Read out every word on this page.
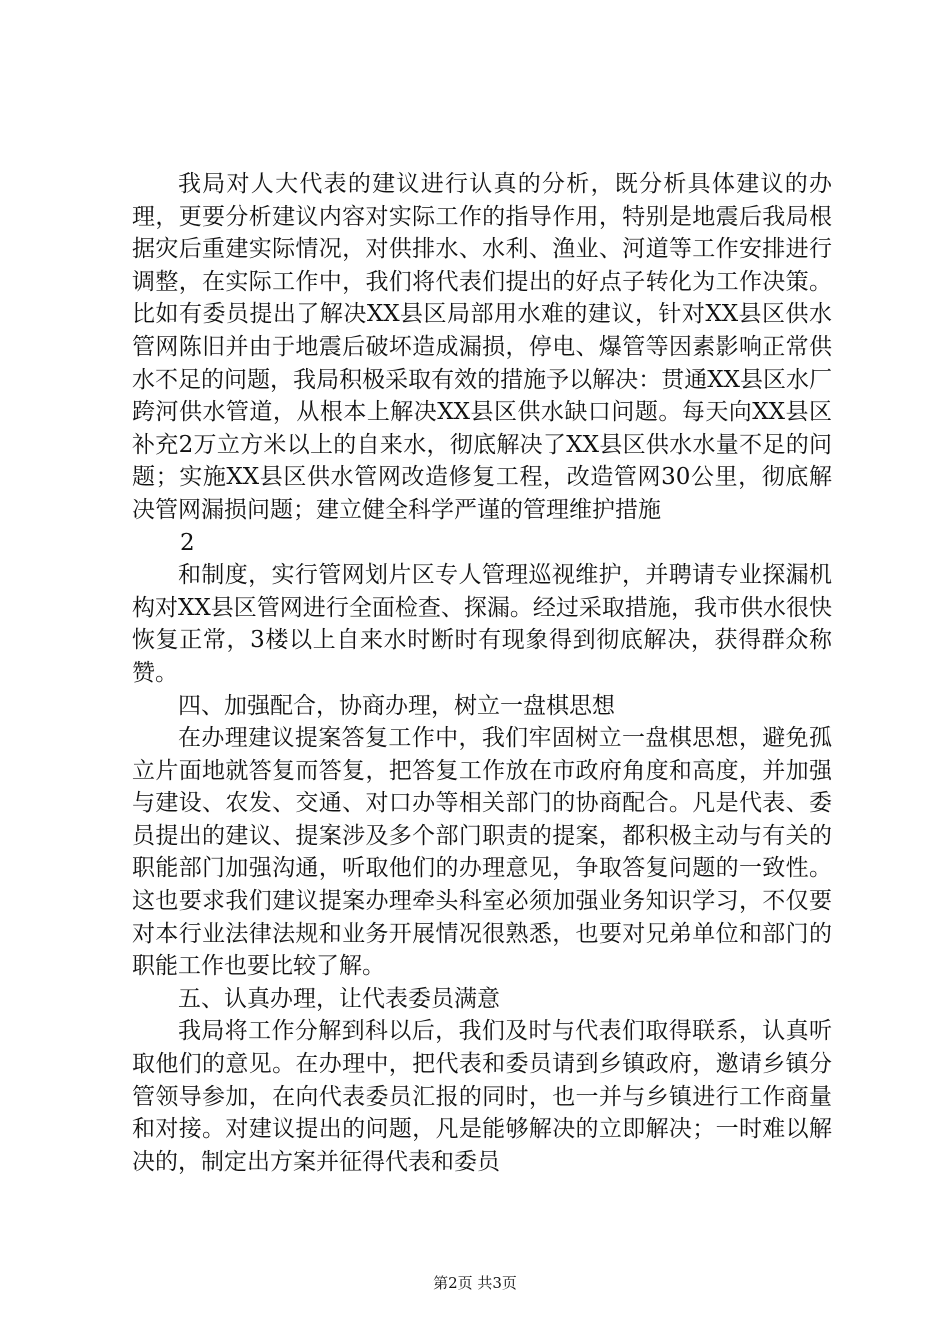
我局对人大代表的建议进行认真的分析，既分析具体建议的办理，更要分析建议内容对实际工作的指导作用，特别是地震后我局根据灾后重建实际情况，对供排水、水利、渔业、河道等工作安排进行调整，在实际工作中，我们将代表们提出的好点子转化为工作决策。比如有委员提出了解决XX县区局部用水难的建议，针对XX县区供水管网陈旧并由于地震后破坏造成漏损，停电、爆管等因素影响正常供水不足的问题，我局积极采取有效的措施予以解决：贯通XX县区水厂跨河供水管道，从根本上解决XX县区供水缺口问题。每天向XX县区补充2万立方米以上的自来水，彻底解决了XX县区供水水量不足的问题；实施XX县区供水管网改造修复工程，改造管网30公里，彻底解决管网漏损问题；建立健全科学严谨的管理维护措施

2

和制度，实行管网划片区专人管理巡视维护，并聘请专业探漏机构对XX县区管网进行全面检查、探漏。经过采取措施，我市供水很快恢复正常，3楼以上自来水时断时有现象得到彻底解决，获得群众称赞。

四、加强配合，协商办理，树立一盘棋思想

在办理建议提案答复工作中，我们牢固树立一盘棋思想，避免孤立片面地就答复而答复，把答复工作放在市政府角度和高度，并加强与建设、农发、交通、对口办等相关部门的协商配合。凡是代表、委员提出的建议、提案涉及多个部门职责的提案，都积极主动与有关的职能部门加强沟通，听取他们的办理意见，争取答复问题的一致性。这也要求我们建议提案办理牵头科室必须加强业务知识学习，不仅要对本行业法律法规和业务开展情况很熟悉，也要对兄弟单位和部门的职能工作也要比较了解。

五、认真办理，让代表委员满意

我局将工作分解到科以后，我们及时与代表们取得联系，认真听取他们的意见。在办理中，把代表和委员请到乡镇政府，邀请乡镇分管领导参加，在向代表委员汇报的同时，也一并与乡镇进行工作商量和对接。对建议提出的问题，凡是能够解决的立即解决；一时难以解决的，制定出方案并征得代表和委员

第2页 共3页
